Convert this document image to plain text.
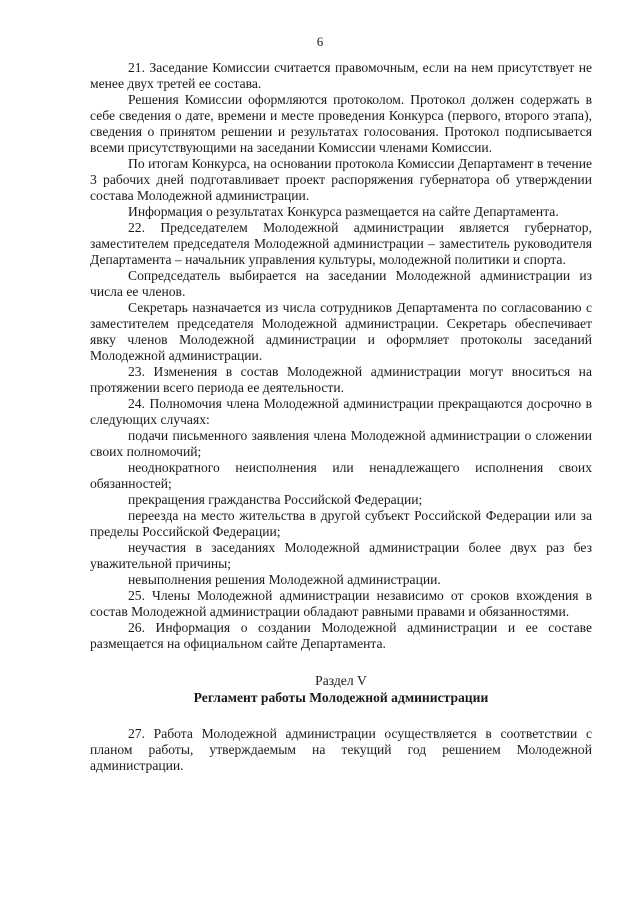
6

21. Заседание Комиссии считается правомочным, если на нем присутствует не менее двух третей ее состава.

Решения Комиссии оформляются протоколом. Протокол должен содержать в себе сведения о дате, времени и месте проведения Конкурса (первого, второго этапа), сведения о принятом решении и результатах голосования. Протокол подписывается всеми присутствующими на заседании Комиссии членами Комиссии.

По итогам Конкурса, на основании протокола Комиссии Департамент в течение 3 рабочих дней подготавливает проект распоряжения губернатора об утверждении состава Молодежной администрации.

Информация о результатах Конкурса размещается на сайте Департамента.

22. Председателем Молодежной администрации является губернатор, заместителем председателя Молодежной администрации – заместитель руководителя Департамента – начальник управления культуры, молодежной политики и спорта.

Сопредседатель выбирается на заседании Молодежной администрации из числа ее членов.

Секретарь назначается из числа сотрудников Департамента по согласованию с заместителем председателя Молодежной администрации. Секретарь обеспечивает явку членов Молодежной администрации и оформляет протоколы заседаний Молодежной администрации.

23. Изменения в состав Молодежной администрации могут вноситься на протяжении всего периода ее деятельности.

24. Полномочия члена Молодежной администрации прекращаются досрочно в следующих случаях:

подачи письменного заявления члена Молодежной администрации о сложении своих полномочий;

неоднократного неисполнения или ненадлежащего исполнения своих обязанностей;

прекращения гражданства Российской Федерации;

переезда на место жительства в другой субъект Российской Федерации или за пределы Российской Федерации;

неучастия в заседаниях Молодежной администрации более двух раз без уважительной причины;

невыполнения решения Молодежной администрации.

25. Члены Молодежной администрации независимо от сроков вхождения в состав Молодежной администрации обладают равными правами и обязанностями.

26. Информация о создании Молодежной администрации и ее составе размещается на официальном сайте Департамента.

Раздел V
Регламент работы Молодежной администрации

27. Работа Молодежной администрации осуществляется в соответствии с планом работы, утверждаемым на текущий год решением Молодежной администрации.
